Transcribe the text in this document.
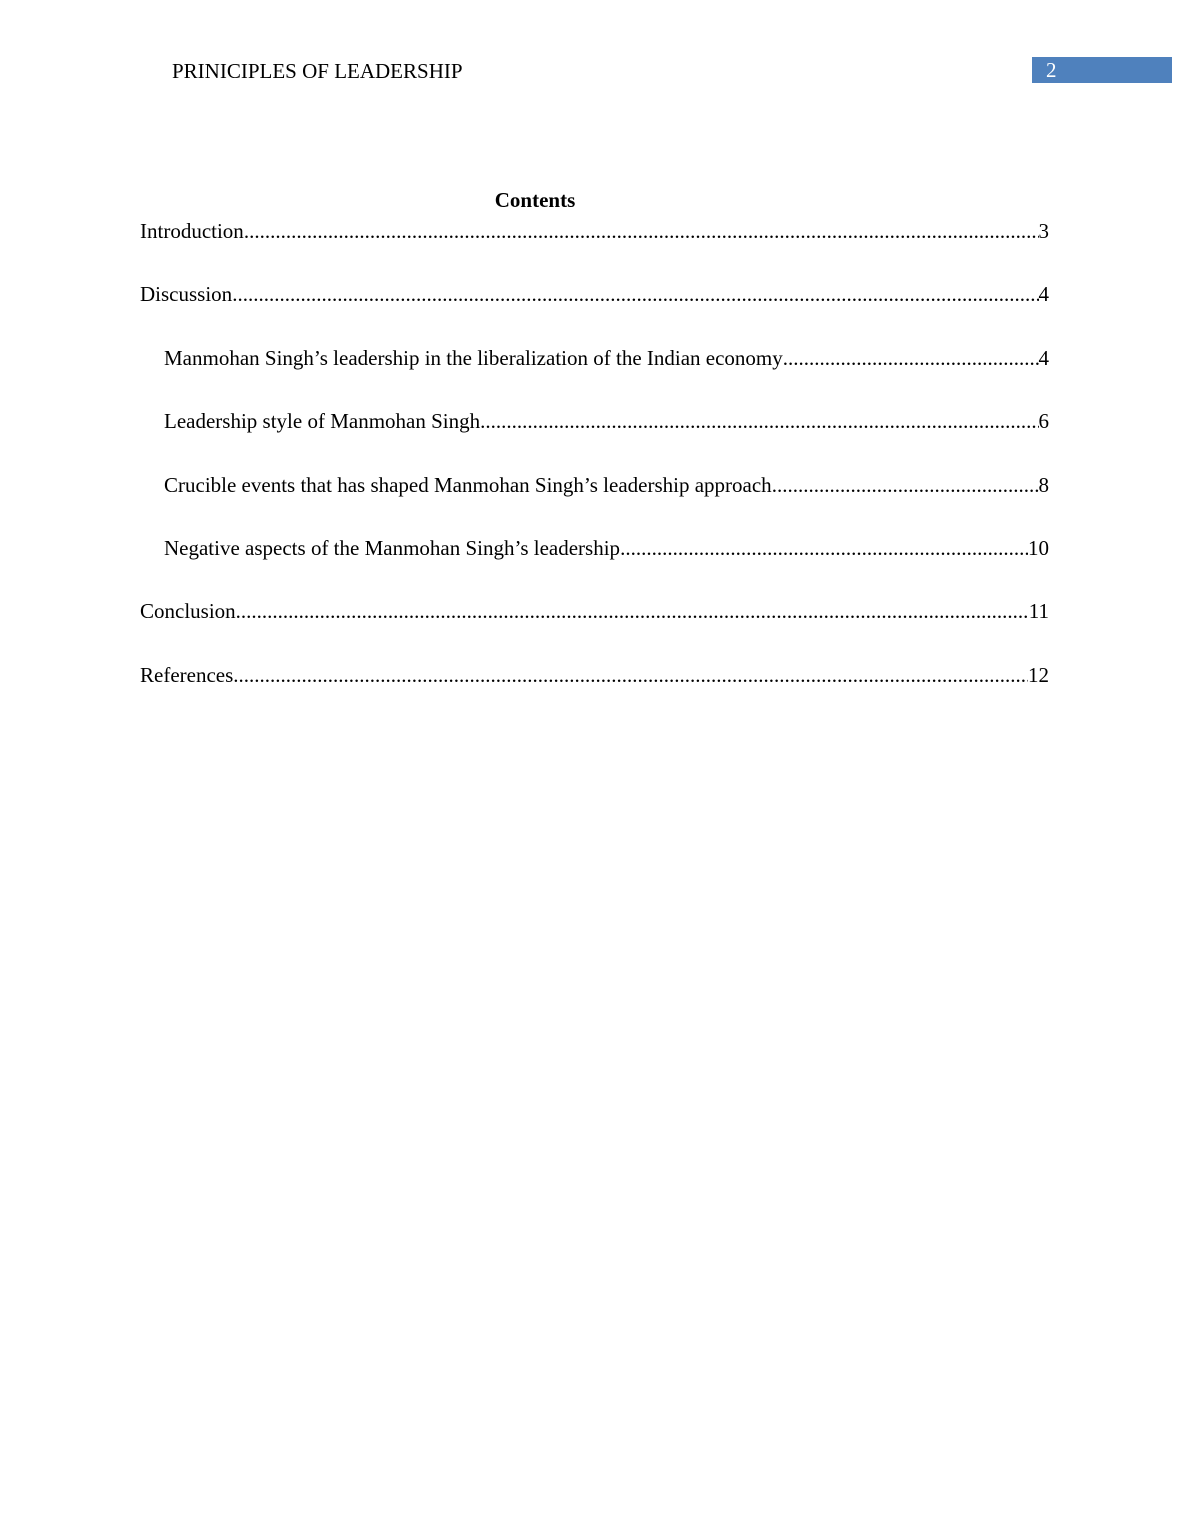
PRINICIPLES OF LEADERSHIP	2
Contents
Introduction .....	3
Discussion .....	4
Manmohan Singh’s leadership in the liberalization of the Indian economy .....	4
Leadership style of Manmohan Singh .....	6
Crucible events that has shaped Manmohan Singh’s leadership approach .....	8
Negative aspects of the Manmohan Singh’s leadership .....	10
Conclusion .....	11
References .....	12
